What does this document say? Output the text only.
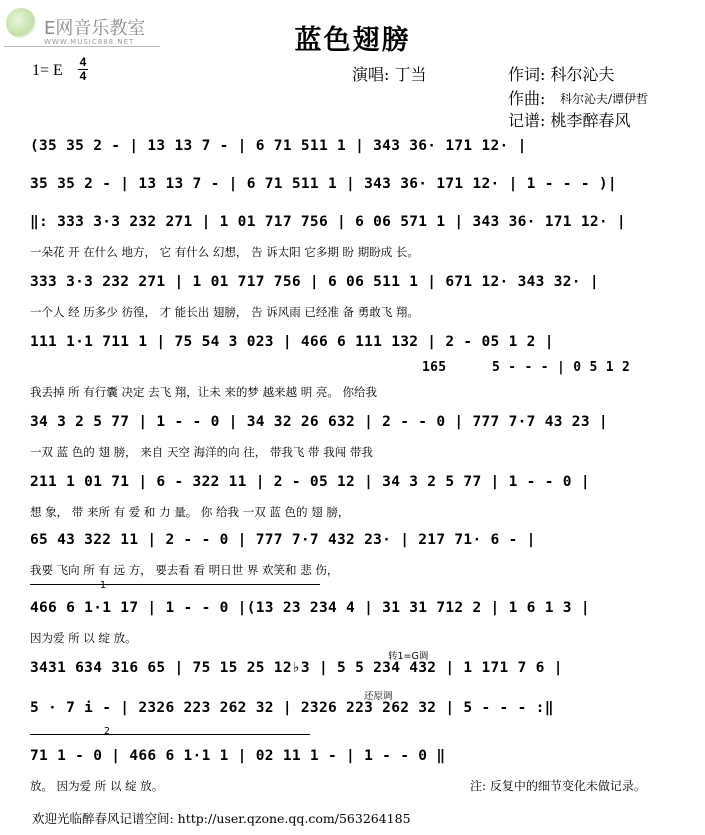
E网音乐教室
WWW.MUSIC888.NET	蓝色翅膀
1= E 4
4	演唱: 丁当	作词: 科尔沁夫
作曲: 科尔沁夫/谭伊哲
记谱: 桃李醉春风
(35 35 2 - | 13 13 7 - | 6 71 511 1 | 343 36· 171 12· |
35 35 2 - | 13 13 7 - | 6 71 511 1 | 343 36· 171 12· | 1 - - - )|
‖: 333 3·3 232 271 | 1 01 717 756 | 6 06 571 1 | 343 36· 171 12· |
一朵花 开 在什么 地方， 它 有什么 幻想， 告 诉太阳 它多期 盼 期盼成 长。
333 3·3 232 271 | 1 01 717 756 | 6 06 511 1 | 671 12· 343 32· |
一个人 经 历多少 彷徨， 才 能长出 翅膀， 告 诉风雨 已经准 备 勇敢飞 翔。
111 1·1 711 1 | 75 54 3 023 | 466 6 111 132 | 2 - 05 1 2 |
165	5 - - - | 0 5 1 2
我丢掉 所 有行囊 决定 去飞 翔，让未 来的梦 越来越 明 亮。 你给我
34 3 2 5 77 | 1 - - 0 | 34 32 26 632 | 2 - - 0 | 777 7·7 43 23 |
一双 蓝 色的 翅 膀， 来自 天空 海洋的向 往， 带我飞 带 我闯 带我
211 1 01 71 | 6 - 322 11 | 2 - 05 12 | 34 3 2 5 77 | 1 - - 0 |
想 象， 带 来所 有 爱 和 力 量。 你 给我 一双 蓝 色的 翅 膀，
65 43 322 11 | 2 - - 0 | 777 7·7 432 23· | 217 71· 6 - |
我要 飞向 所 有 远 方， 要去看 看 明日世 界 欢笑和 悲 伤，
466 6 1·1 17 | 1 - - 0 |(13 23 234 4 | 31 31 712 2 | 1 6 1 3 |
因为爱 所 以 绽 放。
转1=G调
3431 634 316 65 | 75 15 25 12♭3 | 5 5 234 432 | 1 171 7 6 |
还原调
5 · 7 i - | 2326 223 262 32 | 2326 223 262 32 | 5 - - - :‖
2
1
71 1 - 0 | 466 6 1·1 1 | 02 11 1 - | 1 - - 0 ‖
放。 因为爱 所 以 绽 放。	注: 反复中的细节变化未做记录。
欢迎光临醉春风记谱空间: http://user.qzone.qq.com/563264185
